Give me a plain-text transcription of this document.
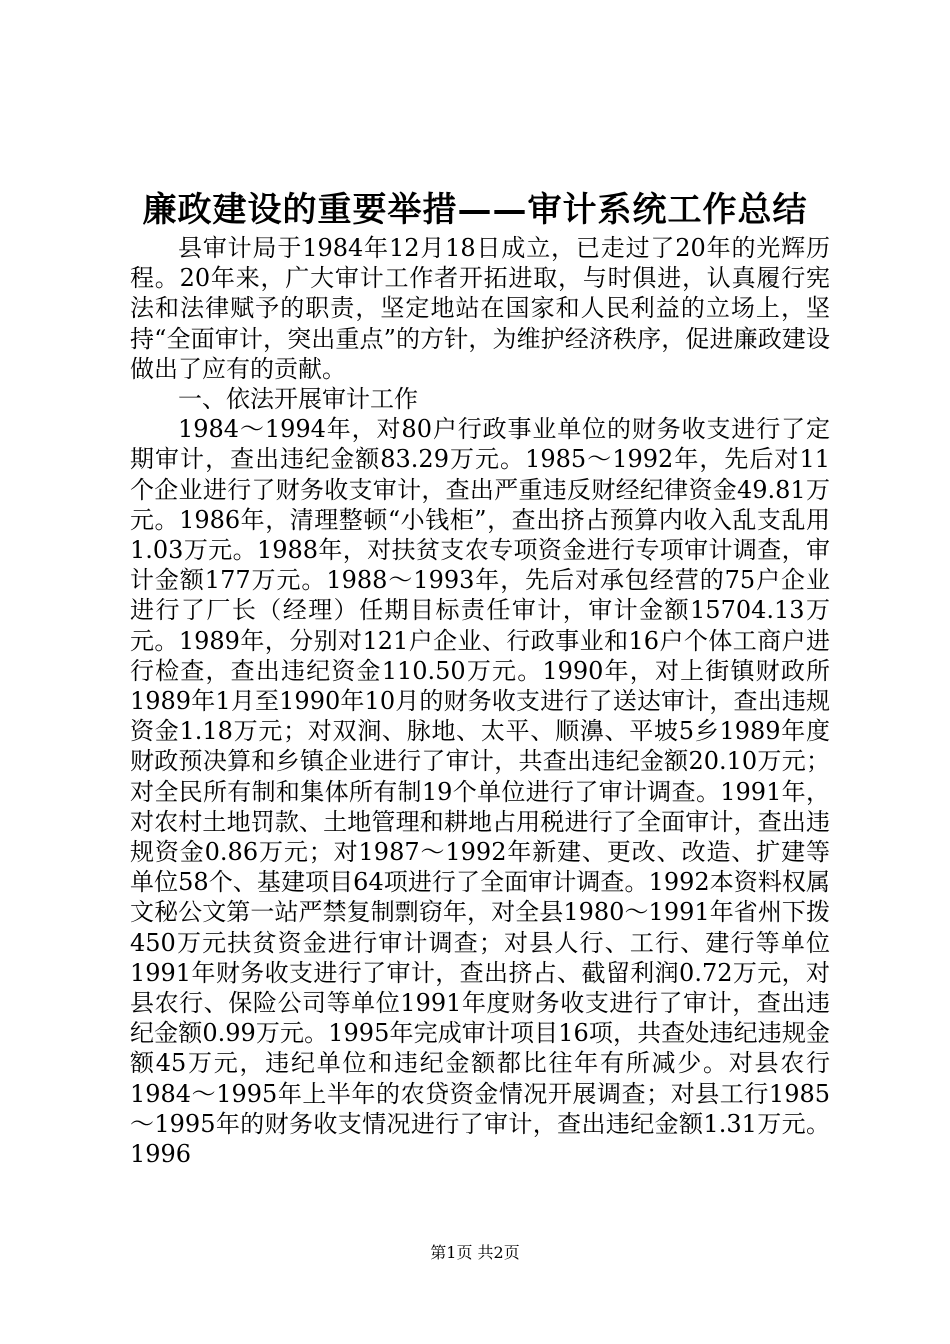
廉政建设的重要举措——审计系统工作总结

县审计局于1984年12月18日成立，已走过了20年的光辉历程。20年来，广大审计工作者开拓进取，与时俱进，认真履行宪法和法律赋予的职责，坚定地站在国家和人民利益的立场上，坚持“全面审计，突出重点”的方针，为维护经济秩序，促进廉政建设做出了应有的贡献。

一、依法开展审计工作

1984～1994年，对80户行政事业单位的财务收支进行了定期审计，查出违纪金额83.29万元。1985～1992年，先后对11个企业进行了财务收支审计，查出严重违反财经纪律资金49.81万元。1986年，清理整顿“小钱柜”，查出挤占预算内收入乱支乱用1.03万元。1988年，对扶贫支农专项资金进行专项审计调查，审计金额177万元。1988～1993年，先后对承包经营的75户企业进行了厂长（经理）任期目标责任审计，审计金额15704.13万元。1989年，分别对121户企业、行政事业和16户个体工商户进行检查，查出违纪资金110.50万元。1990年，对上街镇财政所1989年1月至1990年10月的财务收支进行了送达审计，查出违规资金1.18万元；对双涧、脉地、太平、顺濞、平坡5乡1989年度财政预决算和乡镇企业进行了审计，共查出违纪金额20.10万元；对全民所有制和集体所有制19个单位进行了审计调查。1991年，对农村土地罚款、土地管理和耕地占用税进行了全面审计，查出违规资金0.86万元；对1987～1992年新建、更改、改造、扩建等单位58个、基建项目64项进行了全面审计调查。1992本资料权属文秘公文第一站严禁复制剽窃年，对全县1980～1991年省州下拨450万元扶贫资金进行审计调查；对县人行、工行、建行等单位1991年财务收支进行了审计，查出挤占、截留利润0.72万元，对县农行、保险公司等单位1991年度财务收支进行了审计，查出违纪金额0.99万元。1995年完成审计项目16项，共查处违纪违规金额45万元，违纪单位和违纪金额都比往年有所减少。对县农行1984～1995年上半年的农贷资金情况开展调查；对县工行1985～1995年的财务收支情况进行了审计，查出违纪金额1.31万元。1996

第1页 共2页
